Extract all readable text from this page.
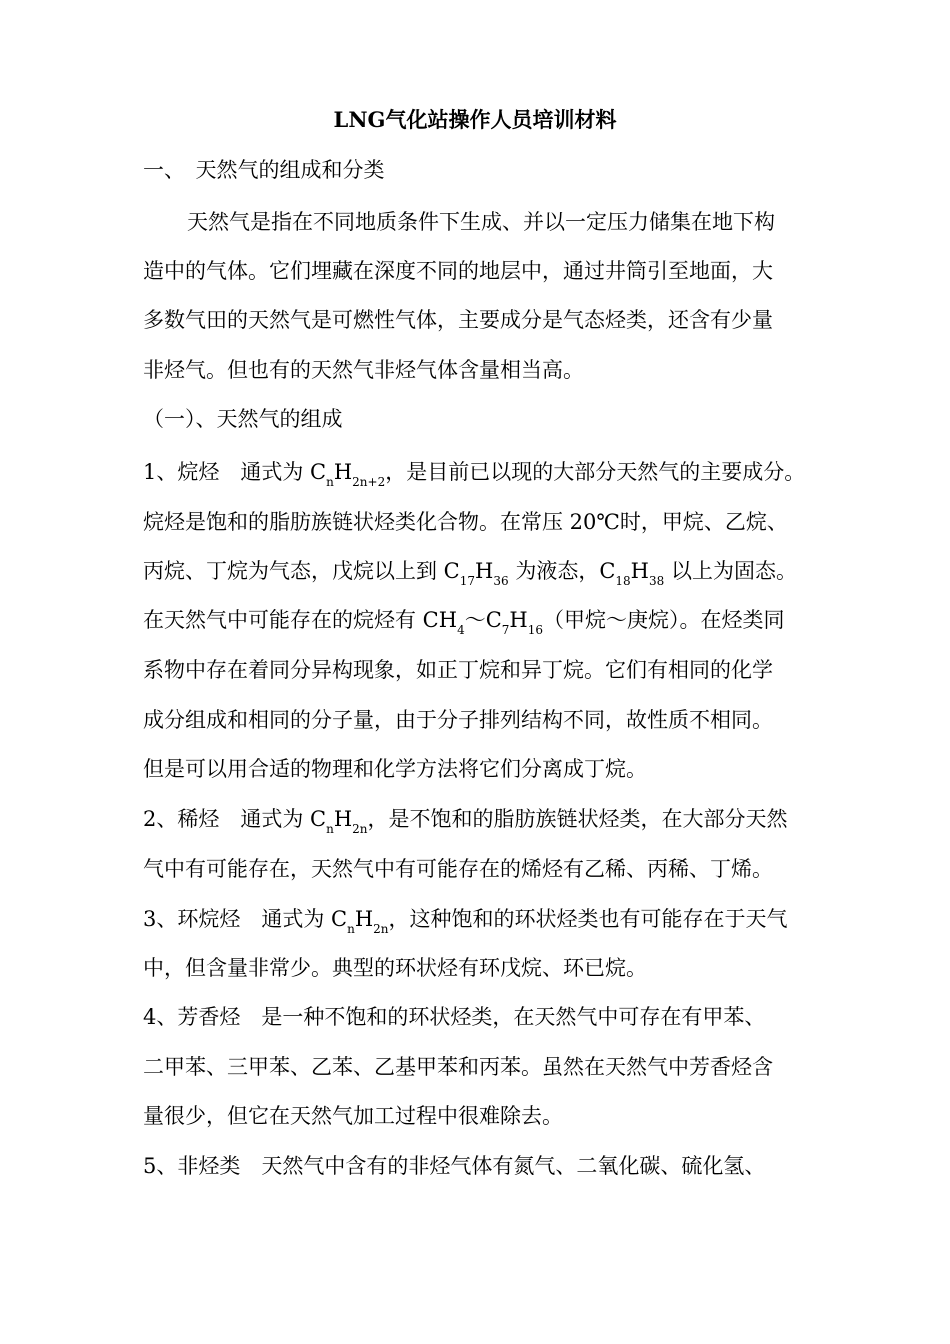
LNG气化站操作人员培训材料
一、　天然气的组成和分类
天然气是指在不同地质条件下生成、并以一定压力储集在地下构
造中的气体。它们埋藏在深度不同的地层中，通过井筒引至地面，大
多数气田的天然气是可燃性气体，主要成分是气态烃类，还含有少量
非烃气。但也有的天然气非烃气体含量相当高。
（一）、天然气的组成
1、烷烃　通式为 $C_nH_{2n+2}$，是目前已以现的大部分天然气的主要成分。
烷烃是饱和的脂肪族链状烃类化合物。在常压 20℃时，甲烷、乙烷、
丙烷、丁烷为气态，戊烷以上到 $C_{17}H_{36}$ 为液态，$C_{18}H_{38}$ 以上为固态。
在天然气中可能存在的烷烃有 $CH_4\sim C_7H_{16}$（甲烷～庚烷）。在烃类同
系物中存在着同分异构现象，如正丁烷和异丁烷。它们有相同的化学
成分组成和相同的分子量，由于分子排列结构不同，故性质不相同。
但是可以用合适的物理和化学方法将它们分离成丁烷。
2、稀烃　通式为 $C_nH_{2n}$，是不饱和的脂肪族链状烃类，在大部分天然
气中有可能存在，天然气中有可能存在的烯烃有乙稀、丙稀、丁烯。
3、环烷烃　通式为 $C_nH_{2n}$，这种饱和的环状烃类也有可能存在于天气
中，但含量非常少。典型的环状烃有环戊烷、环已烷。
4、芳香烃　是一种不饱和的环状烃类，在天然气中可存在有甲苯、
二甲苯、三甲苯、乙苯、乙基甲苯和丙苯。虽然在天然气中芳香烃含
量很少，但它在天然气加工过程中很难除去。
5、非烃类　天然气中含有的非烃气体有氮气、二氧化碳、硫化氢、
